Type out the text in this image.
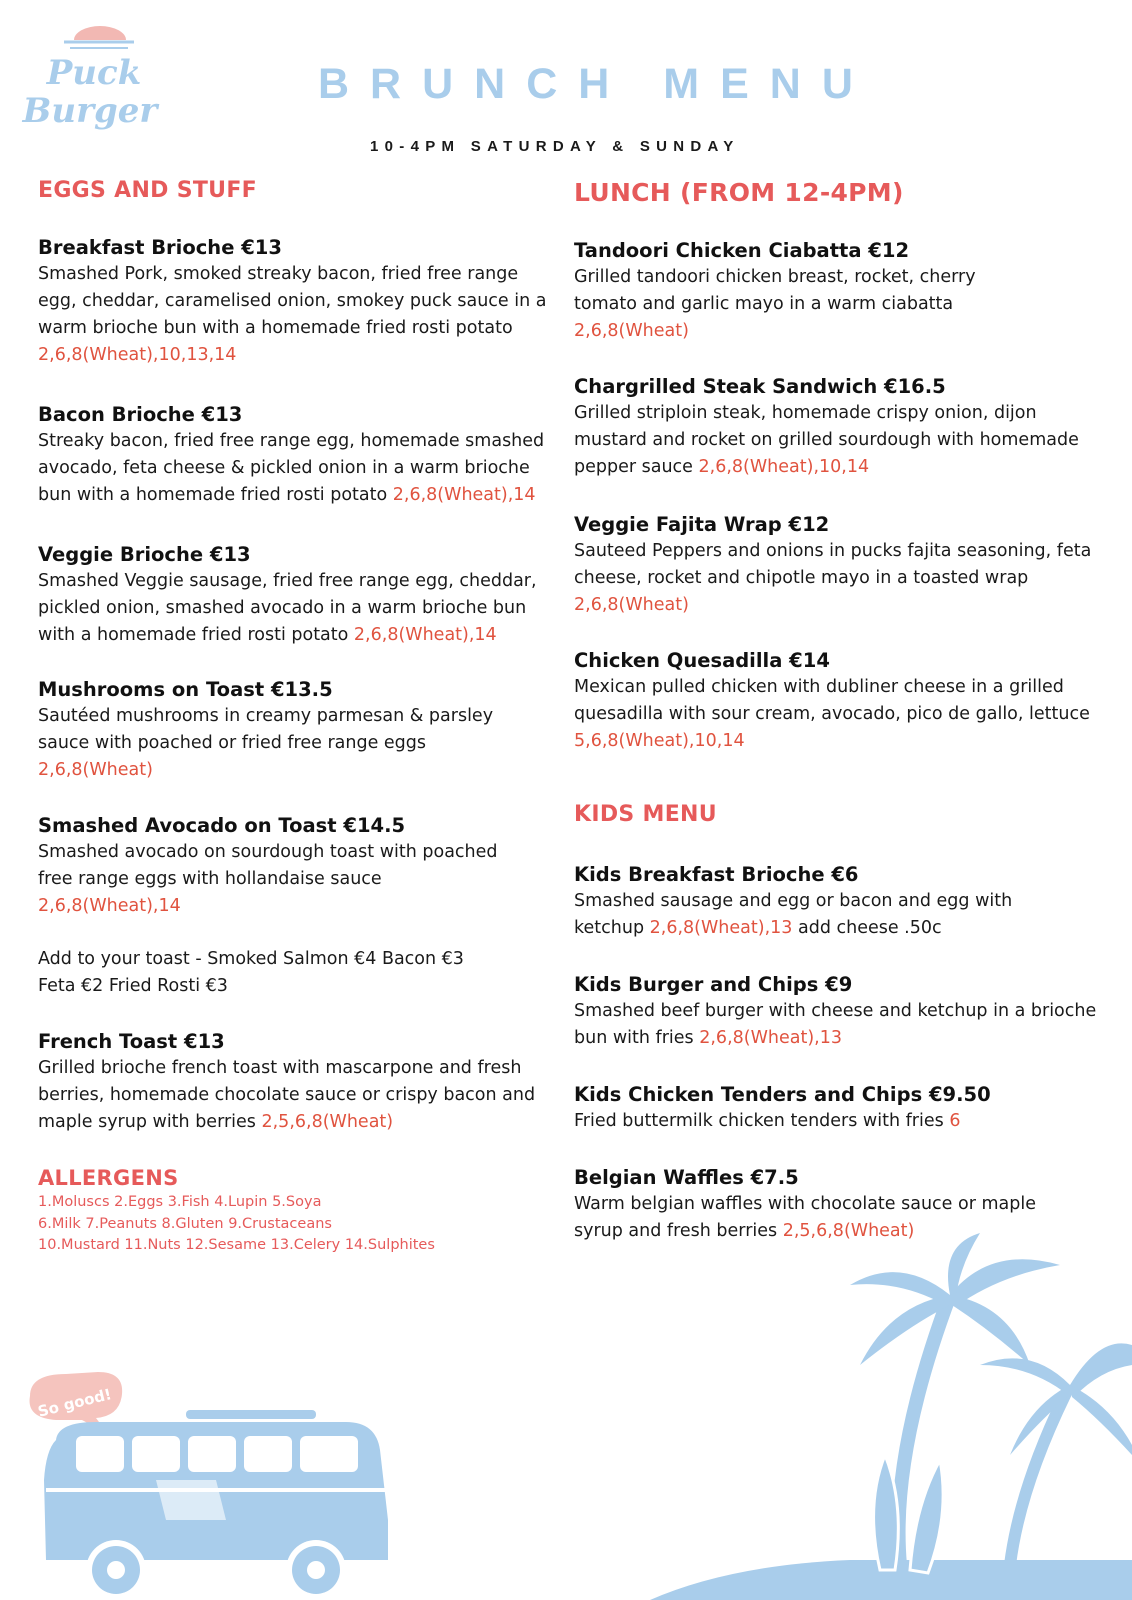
Puck
Burger
BRUNCH MENU
10-4PM SATURDAY & SUNDAY
EGGS AND STUFF
Breakfast Brioche €13
Smashed Pork, smoked streaky bacon, fried free range egg, cheddar, caramelised onion, smokey puck sauce in a warm brioche bun with a homemade fried rosti potato 2,6,8(Wheat),10,13,14
Bacon Brioche €13
Streaky bacon, fried free range egg, homemade smashed avocado, feta cheese & pickled onion in a warm brioche bun with a homemade fried rosti potato 2,6,8(Wheat),14
Veggie Brioche €13
Smashed Veggie sausage, fried free range egg, cheddar, pickled onion, smashed avocado in a warm brioche bun with a homemade fried rosti potato 2,6,8(Wheat),14
Mushrooms on Toast €13.5
Sautéed mushrooms in creamy parmesan & parsley sauce with poached or fried free range eggs 2,6,8(Wheat)
Smashed Avocado on Toast €14.5
Smashed avocado on sourdough toast with poached free range eggs with hollandaise sauce 2,6,8(Wheat),14
Add to your toast - Smoked Salmon €4 Bacon €3
Feta €2 Fried Rosti €3
French Toast €13
Grilled brioche french toast with mascarpone and fresh berries, homemade chocolate sauce or crispy bacon and maple syrup with berries 2,5,6,8(Wheat)
ALLERGENS
1.Moluscs 2.Eggs 3.Fish 4.Lupin 5.Soya
6.Milk 7.Peanuts 8.Gluten 9.Crustaceans
10.Mustard 11.Nuts 12.Sesame 13.Celery 14.Sulphites
LUNCH (FROM 12-4PM)
Tandoori Chicken Ciabatta €12
Grilled tandoori chicken breast, rocket, cherry tomato and garlic mayo in a warm ciabatta
2,6,8(Wheat)
Chargrilled Steak Sandwich €16.5
Grilled striploin steak, homemade crispy onion, dijon mustard and rocket on grilled sourdough with homemade pepper sauce 2,6,8(Wheat),10,14
Veggie Fajita Wrap €12
Sauteed Peppers and onions in pucks fajita seasoning, feta cheese, rocket and chipotle mayo in a toasted wrap 2,6,8(Wheat)
Chicken Quesadilla €14
Mexican pulled chicken with dubliner cheese in a grilled quesadilla with sour cream, avocado, pico de gallo, lettuce 5,6,8(Wheat),10,14
KIDS MENU
Kids Breakfast Brioche €6
Smashed sausage and egg or bacon and egg with ketchup 2,6,8(Wheat),13 add cheese .50c
Kids Burger and Chips €9
Smashed beef burger with cheese and ketchup in a brioche bun with fries 2,6,8(Wheat),13
Kids Chicken Tenders and Chips €9.50
Fried buttermilk chicken tenders with fries 6
Belgian Waffles €7.5
Warm belgian waffles with chocolate sauce or maple syrup and fresh berries 2,5,6,8(Wheat)
So good!
